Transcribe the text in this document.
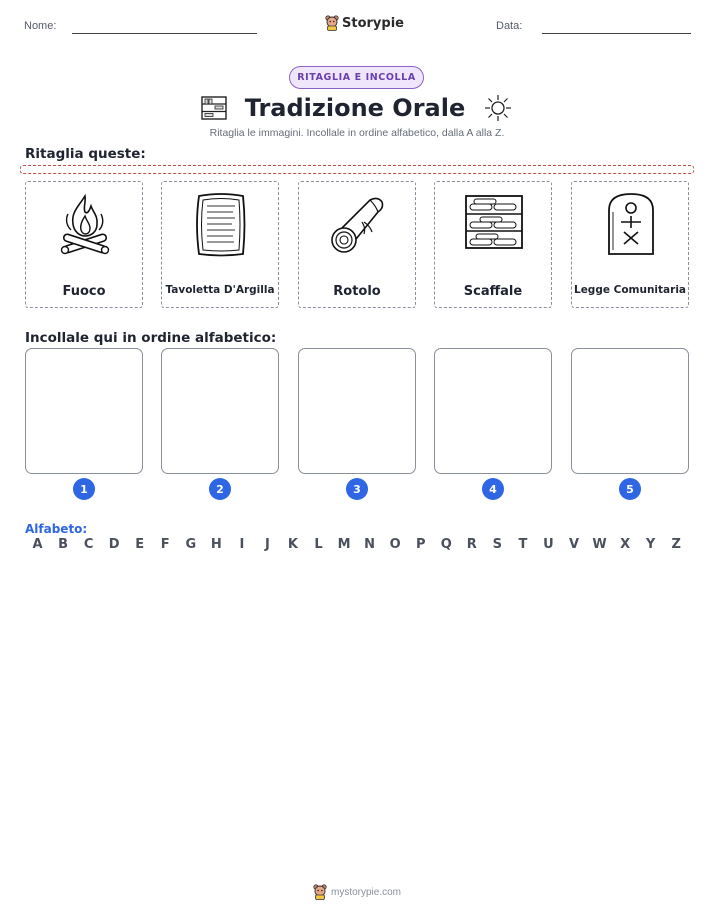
Nome:	Storypie	Data:
RITAGLIA E INCOLLA
Tradizione Orale
Ritaglia le immagini. Incollale in ordine alfabetico, dalla A alla Z.
Ritaglia queste:
Fuoco	Tavoletta D'Argilla	Rotolo	Scaffale	Legge Comunitaria
Incollale qui in ordine alfabetico:
1	2	3	4	5
Alfabeto:
A	B	C	D	E	F	G	H	I	J	K	L	M	N	O	P	Q	R	S	T	U	V	W	X	Y	Z
mystorypie.com
